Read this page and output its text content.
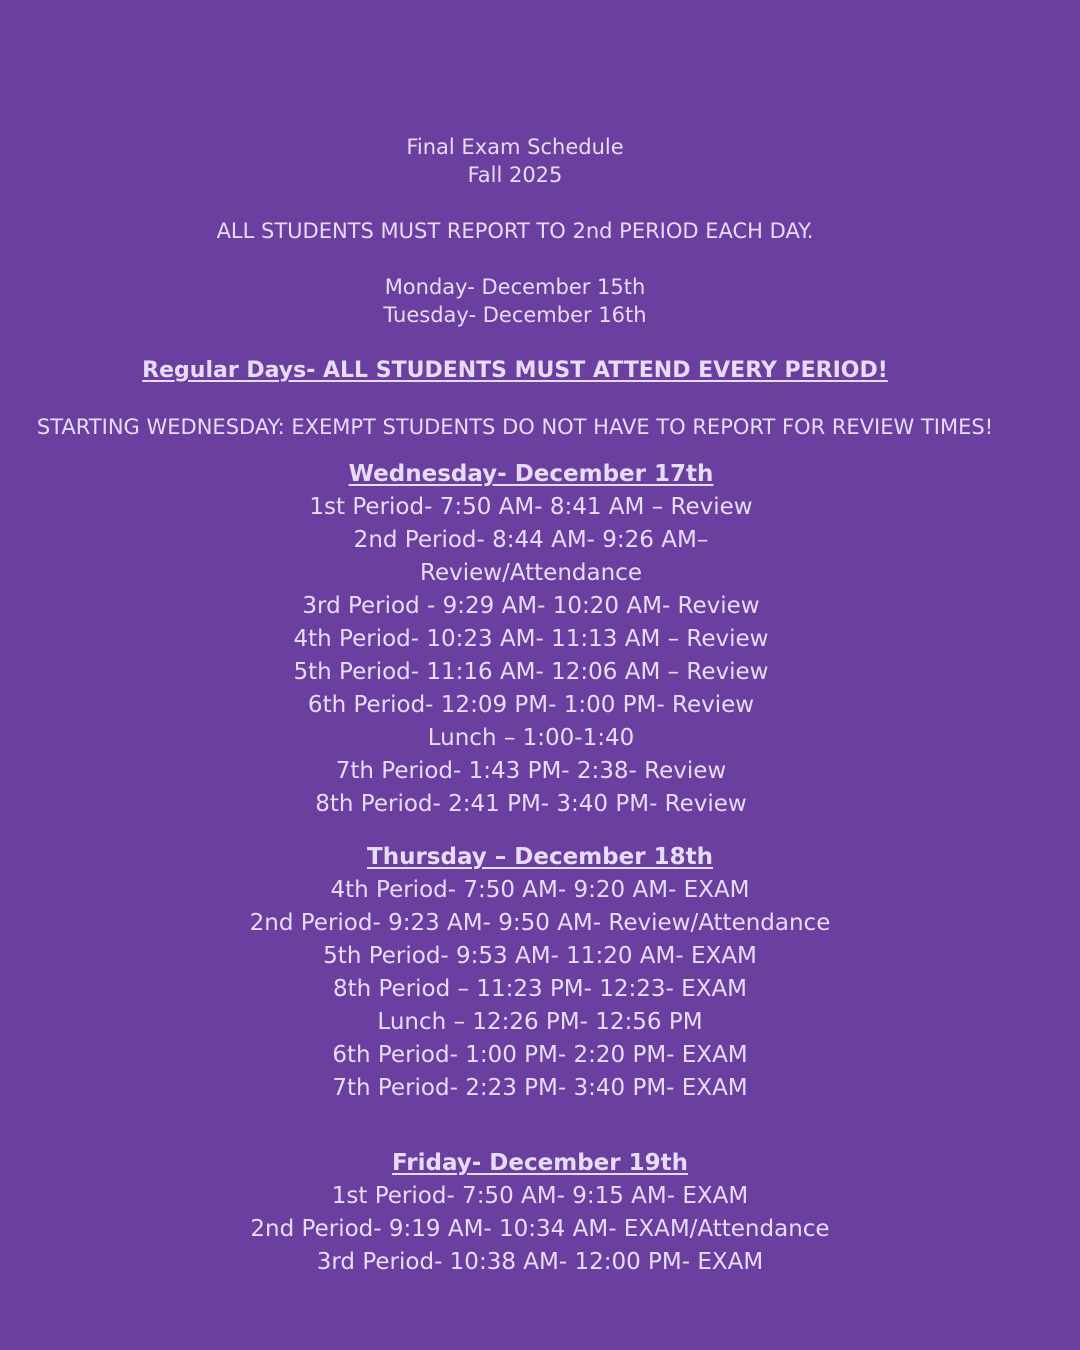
Final Exam Schedule
Fall 2025
ALL STUDENTS MUST REPORT TO 2nd PERIOD EACH DAY.
Monday- December 15th
Tuesday- December 16th
Regular Days- ALL STUDENTS MUST ATTEND EVERY PERIOD!
STARTING WEDNESDAY: EXEMPT STUDENTS DO NOT HAVE TO REPORT FOR REVIEW TIMES!
Wednesday- December 17th
1st Period- 7:50 AM- 8:41 AM – Review
2nd Period- 8:44 AM- 9:26 AM–
Review/Attendance
3rd Period - 9:29 AM- 10:20 AM- Review
4th Period- 10:23 AM- 11:13 AM – Review
5th Period- 11:16 AM- 12:06 AM – Review
6th Period- 12:09 PM- 1:00 PM- Review
Lunch – 1:00-1:40
7th Period- 1:43 PM- 2:38- Review
8th Period- 2:41 PM- 3:40 PM- Review
Thursday – December 18th
4th Period- 7:50 AM- 9:20 AM- EXAM
2nd Period- 9:23 AM- 9:50 AM- Review/Attendance
5th Period- 9:53 AM- 11:20 AM- EXAM
8th Period – 11:23 PM- 12:23- EXAM
Lunch – 12:26 PM- 12:56 PM
6th Period- 1:00 PM- 2:20 PM- EXAM
7th Period- 2:23 PM- 3:40 PM- EXAM
Friday- December 19th
1st Period- 7:50 AM- 9:15 AM- EXAM
2nd Period- 9:19 AM- 10:34 AM- EXAM/Attendance
3rd Period- 10:38 AM- 12:00 PM- EXAM
